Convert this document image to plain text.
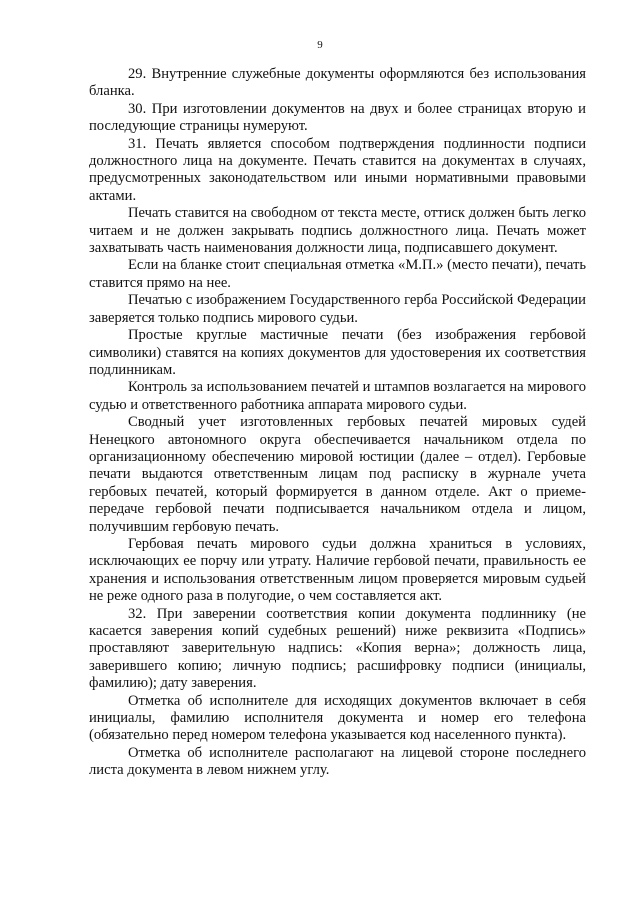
9

29. Внутренние служебные документы оформляются без использования бланка.

30. При изготовлении документов на двух и более страницах вторую и последующие страницы нумеруют.

31. Печать является способом подтверждения подлинности подписи должностного лица на документе. Печать ставится на документах в случаях, предусмотренных законодательством или иными нормативными правовыми актами.

Печать ставится на свободном от текста месте, оттиск должен быть легко читаем и не должен закрывать подпись должностного лица. Печать может захватывать часть наименования должности лица, подписавшего документ.

Если на бланке стоит специальная отметка «М.П.» (место печати), печать ставится прямо на нее.

Печатью с изображением Государственного герба Российской Федерации заверяется только подпись мирового судьи.

Простые круглые мастичные печати (без изображения гербовой символики) ставятся на копиях документов для удостоверения их соответствия подлинникам.

Контроль за использованием печатей и штампов возлагается на мирового судью и ответственного работника аппарата мирового судьи.

Сводный учет изготовленных гербовых печатей мировых судей Ненецкого автономного округа обеспечивается начальником отдела по организационному обеспечению мировой юстиции (далее – отдел). Гербовые печати выдаются ответственным лицам под расписку в журнале учета гербовых печатей, который формируется в данном отделе. Акт о приеме-передаче гербовой печати подписывается начальником отдела и лицом, получившим гербовую печать.

Гербовая печать мирового судьи должна храниться в условиях, исключающих ее порчу или утрату. Наличие гербовой печати, правильность ее хранения и использования ответственным лицом проверяется мировым судьей не реже одного раза в полугодие, о чем составляется акт.

32. При заверении соответствия копии документа подлиннику (не касается заверения копий судебных решений) ниже реквизита «Подпись» проставляют заверительную надпись: «Копия верна»; должность лица, заверившего копию; личную подпись; расшифровку подписи (инициалы, фамилию); дату заверения.

Отметка об исполнителе для исходящих документов включает в себя инициалы, фамилию исполнителя документа и номер его телефона (обязательно перед номером телефона указывается код населенного пункта).

Отметка об исполнителе располагают на лицевой стороне последнего листа документа в левом нижнем углу.
